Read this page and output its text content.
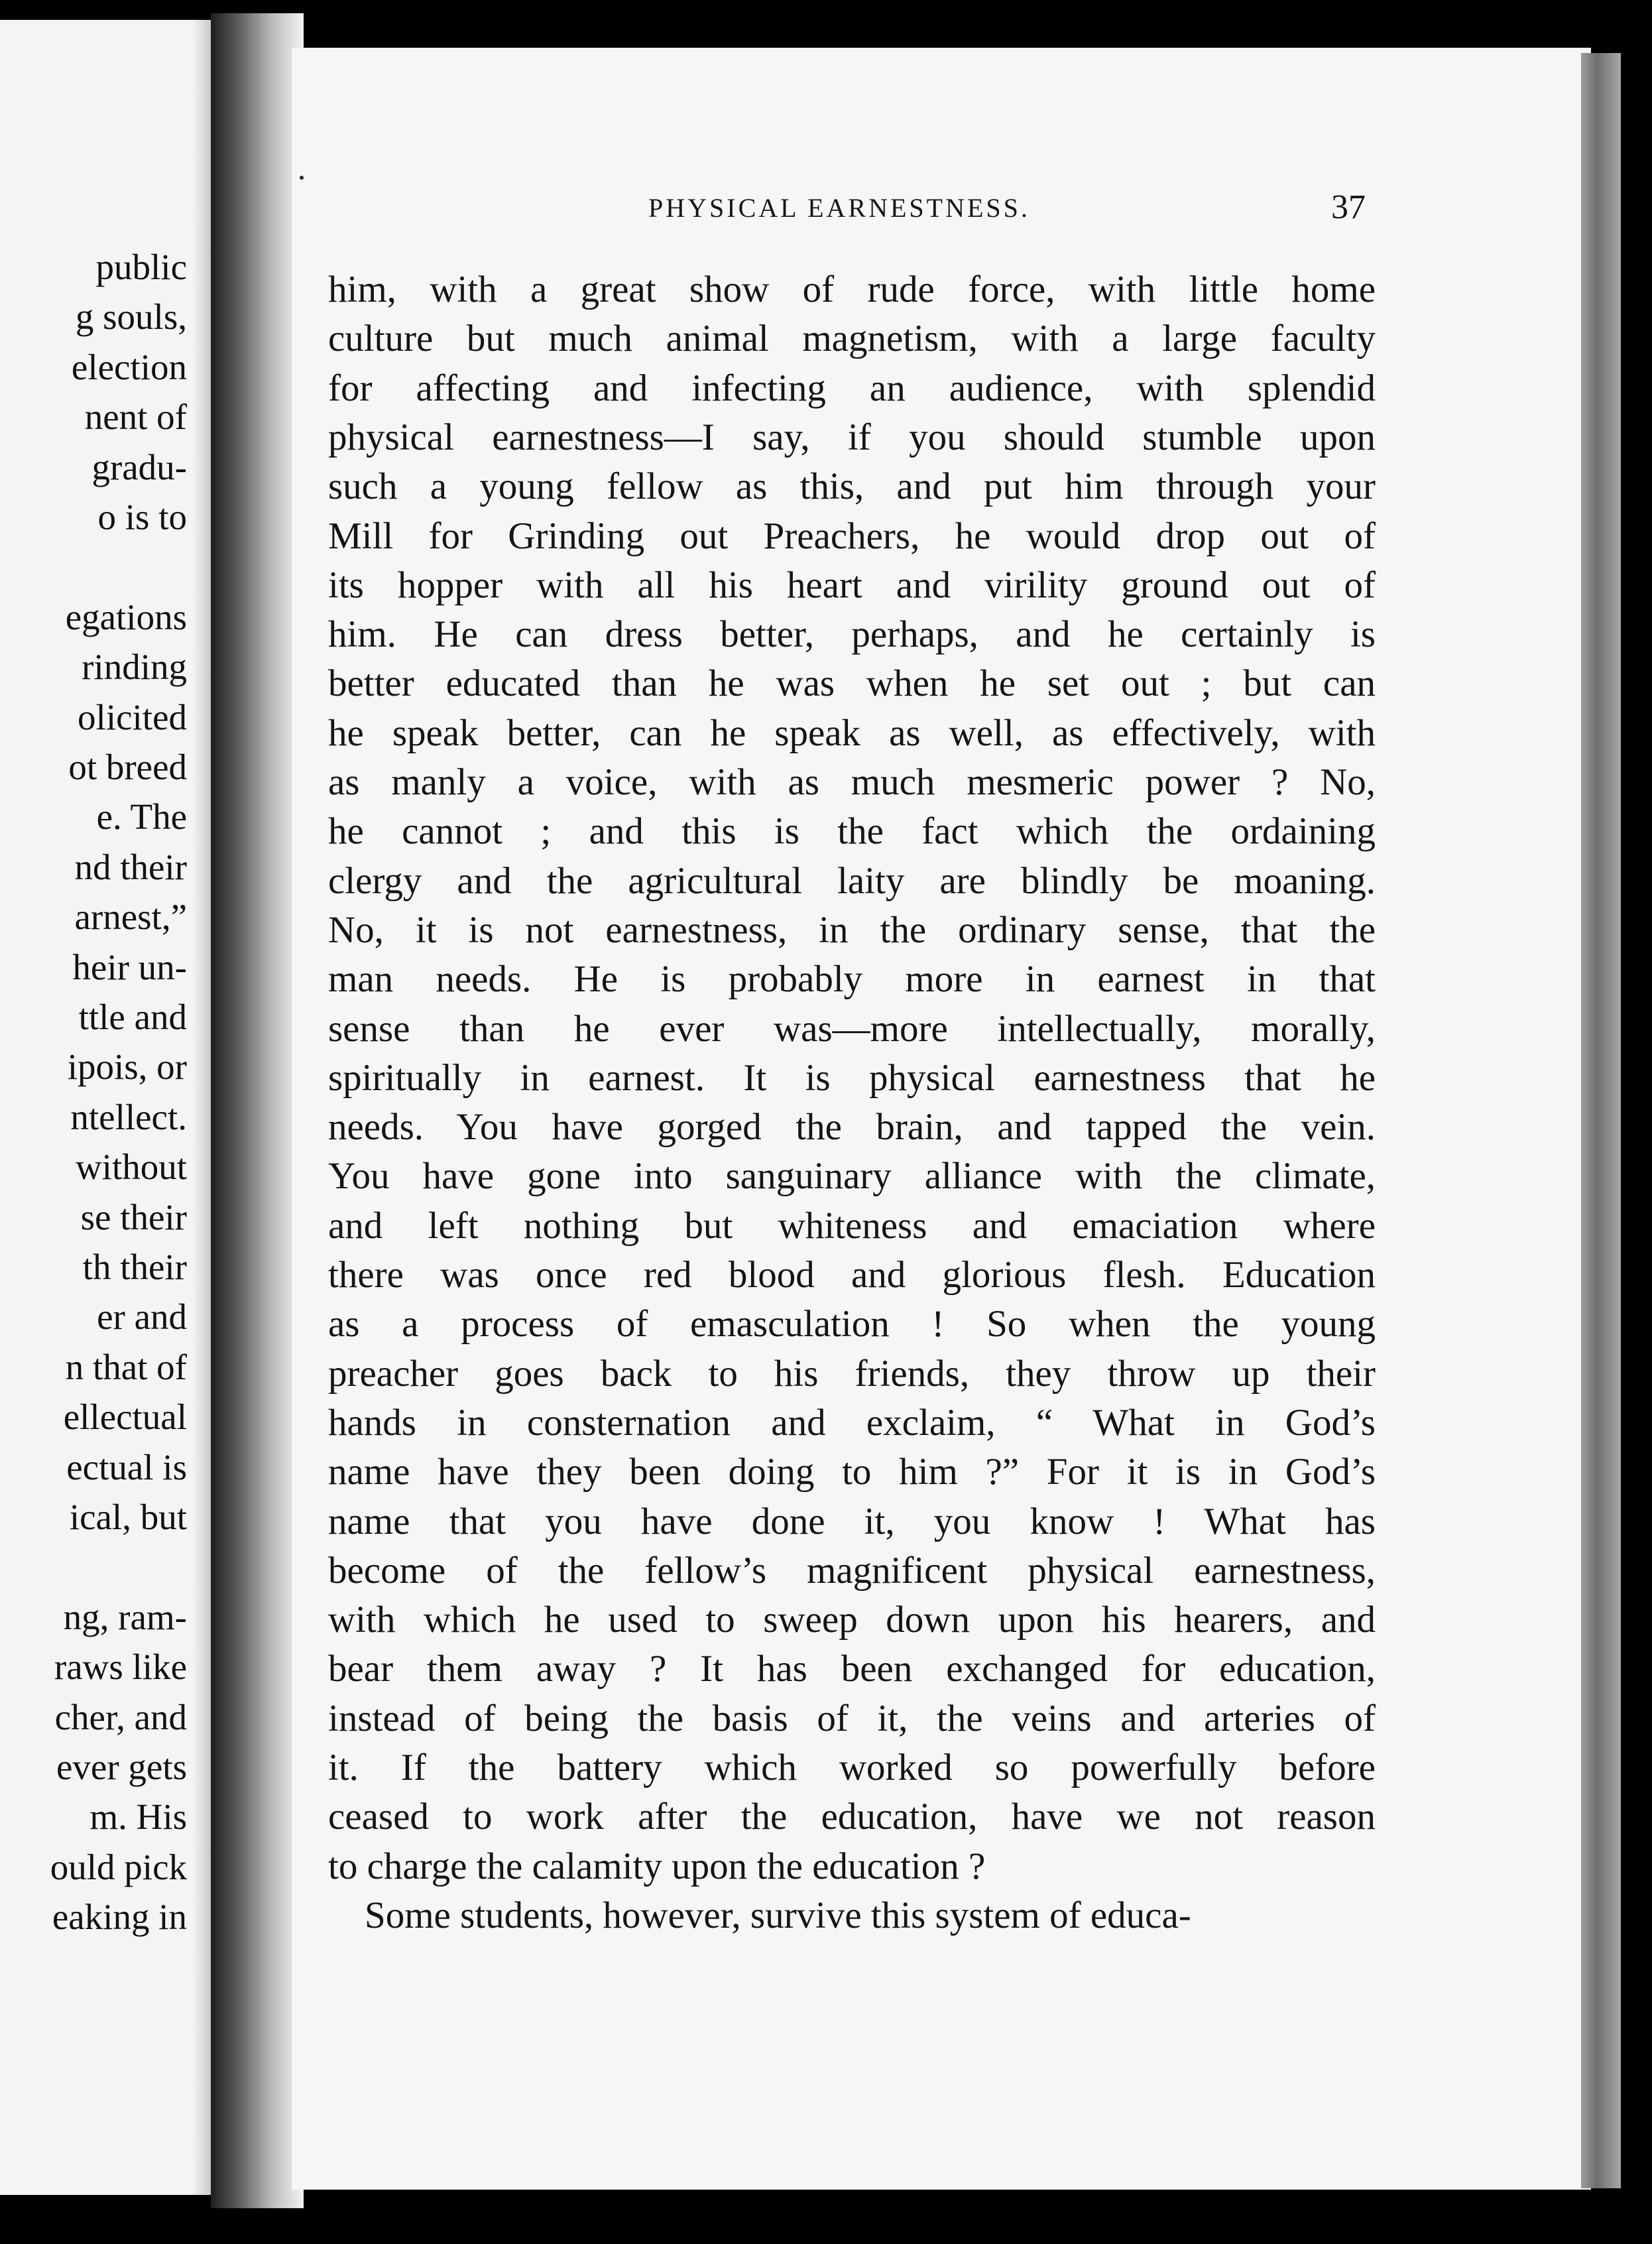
public
g souls,
election
nent of
gradu-
o is to
egations
rinding
olicited
ot breed
e. The
nd their
arnest,”
heir un-
ttle and
ipois, or
ntellect.
without
se their
th their
er and
n that of
ellectual
ectual is
ical, but
ng, ram-
raws like
cher, and
ever gets
m. His
ould pick
eaking in
PHYSICAL EARNESTNESS.	37
him, with a great show of rude force, with little home
culture but much animal magnetism, with a large faculty
for affecting and infecting an audience, with splendid
physical earnestness—I say, if you should stumble upon
such a young fellow as this, and put him through your
Mill for Grinding out Preachers, he would drop out of
its hopper with all his heart and virility ground out of
him. He can dress better, perhaps, and he certainly is
better educated than he was when he set out ; but can
he speak better, can he speak as well, as effectively, with
as manly a voice, with as much mesmeric power ? No,
he cannot ; and this is the fact which the ordaining
clergy and the agricultural laity are blindly be moaning.
No, it is not earnestness, in the ordinary sense, that the
man needs. He is probably more in earnest in that
sense than he ever was—more intellectually, morally,
spiritually in earnest. It is physical earnestness that he
needs. You have gorged the brain, and tapped the vein.
You have gone into sanguinary alliance with the climate,
and left nothing but whiteness and emaciation where
there was once red blood and glorious flesh. Education
as a process of emasculation ! So when the young
preacher goes back to his friends, they throw up their
hands in consternation and exclaim, “ What in God’s
name have they been doing to him ?” For it is in God’s
name that you have done it, you know ! What has
become of the fellow’s magnificent physical earnestness,
with which he used to sweep down upon his hearers, and
bear them away ? It has been exchanged for education,
instead of being the basis of it, the veins and arteries of
it. If the battery which worked so powerfully before
ceased to work after the education, have we not reason
to charge the calamity upon the education ?
Some students, however, survive this system of educa-
